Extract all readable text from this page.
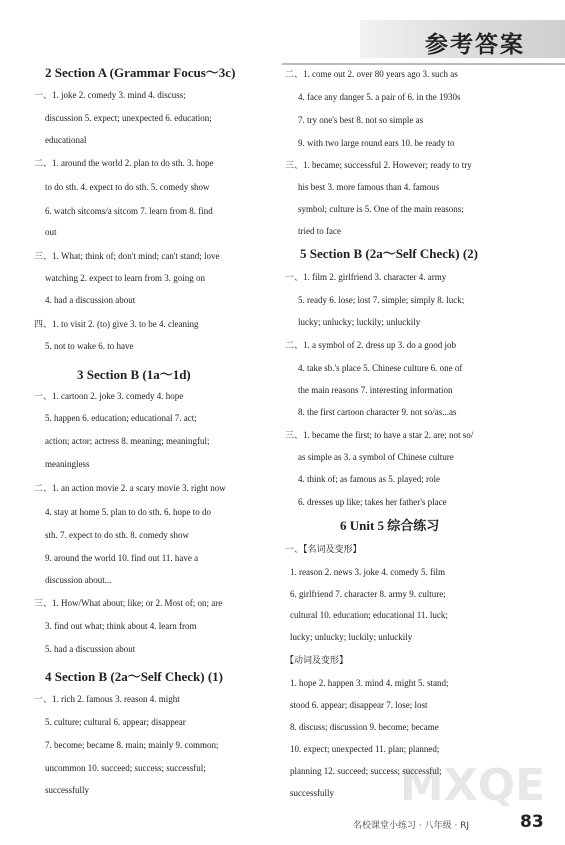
参考答案
2 Section A (Grammar Focus～3c)
一、1. joke 2. comedy 3. mind 4. discuss;
discussion 5. expect; unexpected 6. education;
educational
二、1. around the world 2. plan to do sth. 3. hope
to do sth. 4. expect to do sth. 5. comedy show
6. watch sitcoms/a sitcom 7. learn from 8. find
out
三、1. What; think of; don't mind; can't stand; love
watching 2. expect to learn from 3. going on
4. had a discussion about
四、1. to visit 2. (to) give 3. to be 4. cleaning
5. not to wake 6. to have
3 Section B (1a～1d)
一、1. cartoon 2. joke 3. comedy 4. hope
5. happen 6. education; educational 7. act;
action; actor; actress 8. meaning; meaningful;
meaningless
二、1. an action movie 2. a scary movie 3. right now
4. stay at home 5. plan to do sth. 6. hope to do
sth. 7. expect to do sth. 8. comedy show
9. around the world 10. find out 11. have a
discussion about...
三、1. How/What about; like; or 2. Most of; on; are
3. find out what; think about 4. learn from
5. had a discussion about
4 Section B (2a～Self Check) (1)
一、1. rich 2. famous 3. reason 4. might
5. culture; cultural 6. appear; disappear
7. become; became 8. main; mainly 9. common;
uncommon 10. succeed; success; successful;
successfully
二、1. come out 2. over 80 years ago 3. such as
4. face any danger 5. a pair of 6. in the 1930s
7. try one's best 8. not so simple as
9. with two large round ears 10. be ready to
三、1. became; successful 2. However; ready to try
his best 3. more famous than 4. famous
symbol; culture is 5. One of the main reasons;
tried to face
5 Section B (2a～Self Check) (2)
一、1. film 2. girlfriend 3. character 4. army
5. ready 6. lose; lost 7. simple; simply 8. luck;
lucky; unlucky; luckily; unluckily
二、1. a symbol of 2. dress up 3. do a good job
4. take sb.'s place 5. Chinese culture 6. one of
the main reasons 7. interesting information
8. the first cartoon character 9. not so/as...as
三、1. became the first; to have a star 2. are; not so/
as simple as 3. a symbol of Chinese culture
4. think of; as famous as 5. played; role
6. dresses up like; takes her father's place
6 Unit 5 综合练习
一、【名词及变形】
1. reason 2. news 3. joke 4. comedy 5. film
6. girlfriend 7. character 8. army 9. culture;
cultural 10. education; educational 11. luck;
lucky; unlucky; luckily; unluckily
【动词及变形】
1. hope 2. happen 3. mind 4. might 5. stand;
stood 6. appear; disappear 7. lose; lost
8. discuss; discussion 9. become; became
10. expect; unexpected 11. plan; planned;
planning 12. succeed; success; successful;
successfully MXQE
名校课堂小练习 · 八年级 · RJ	83
